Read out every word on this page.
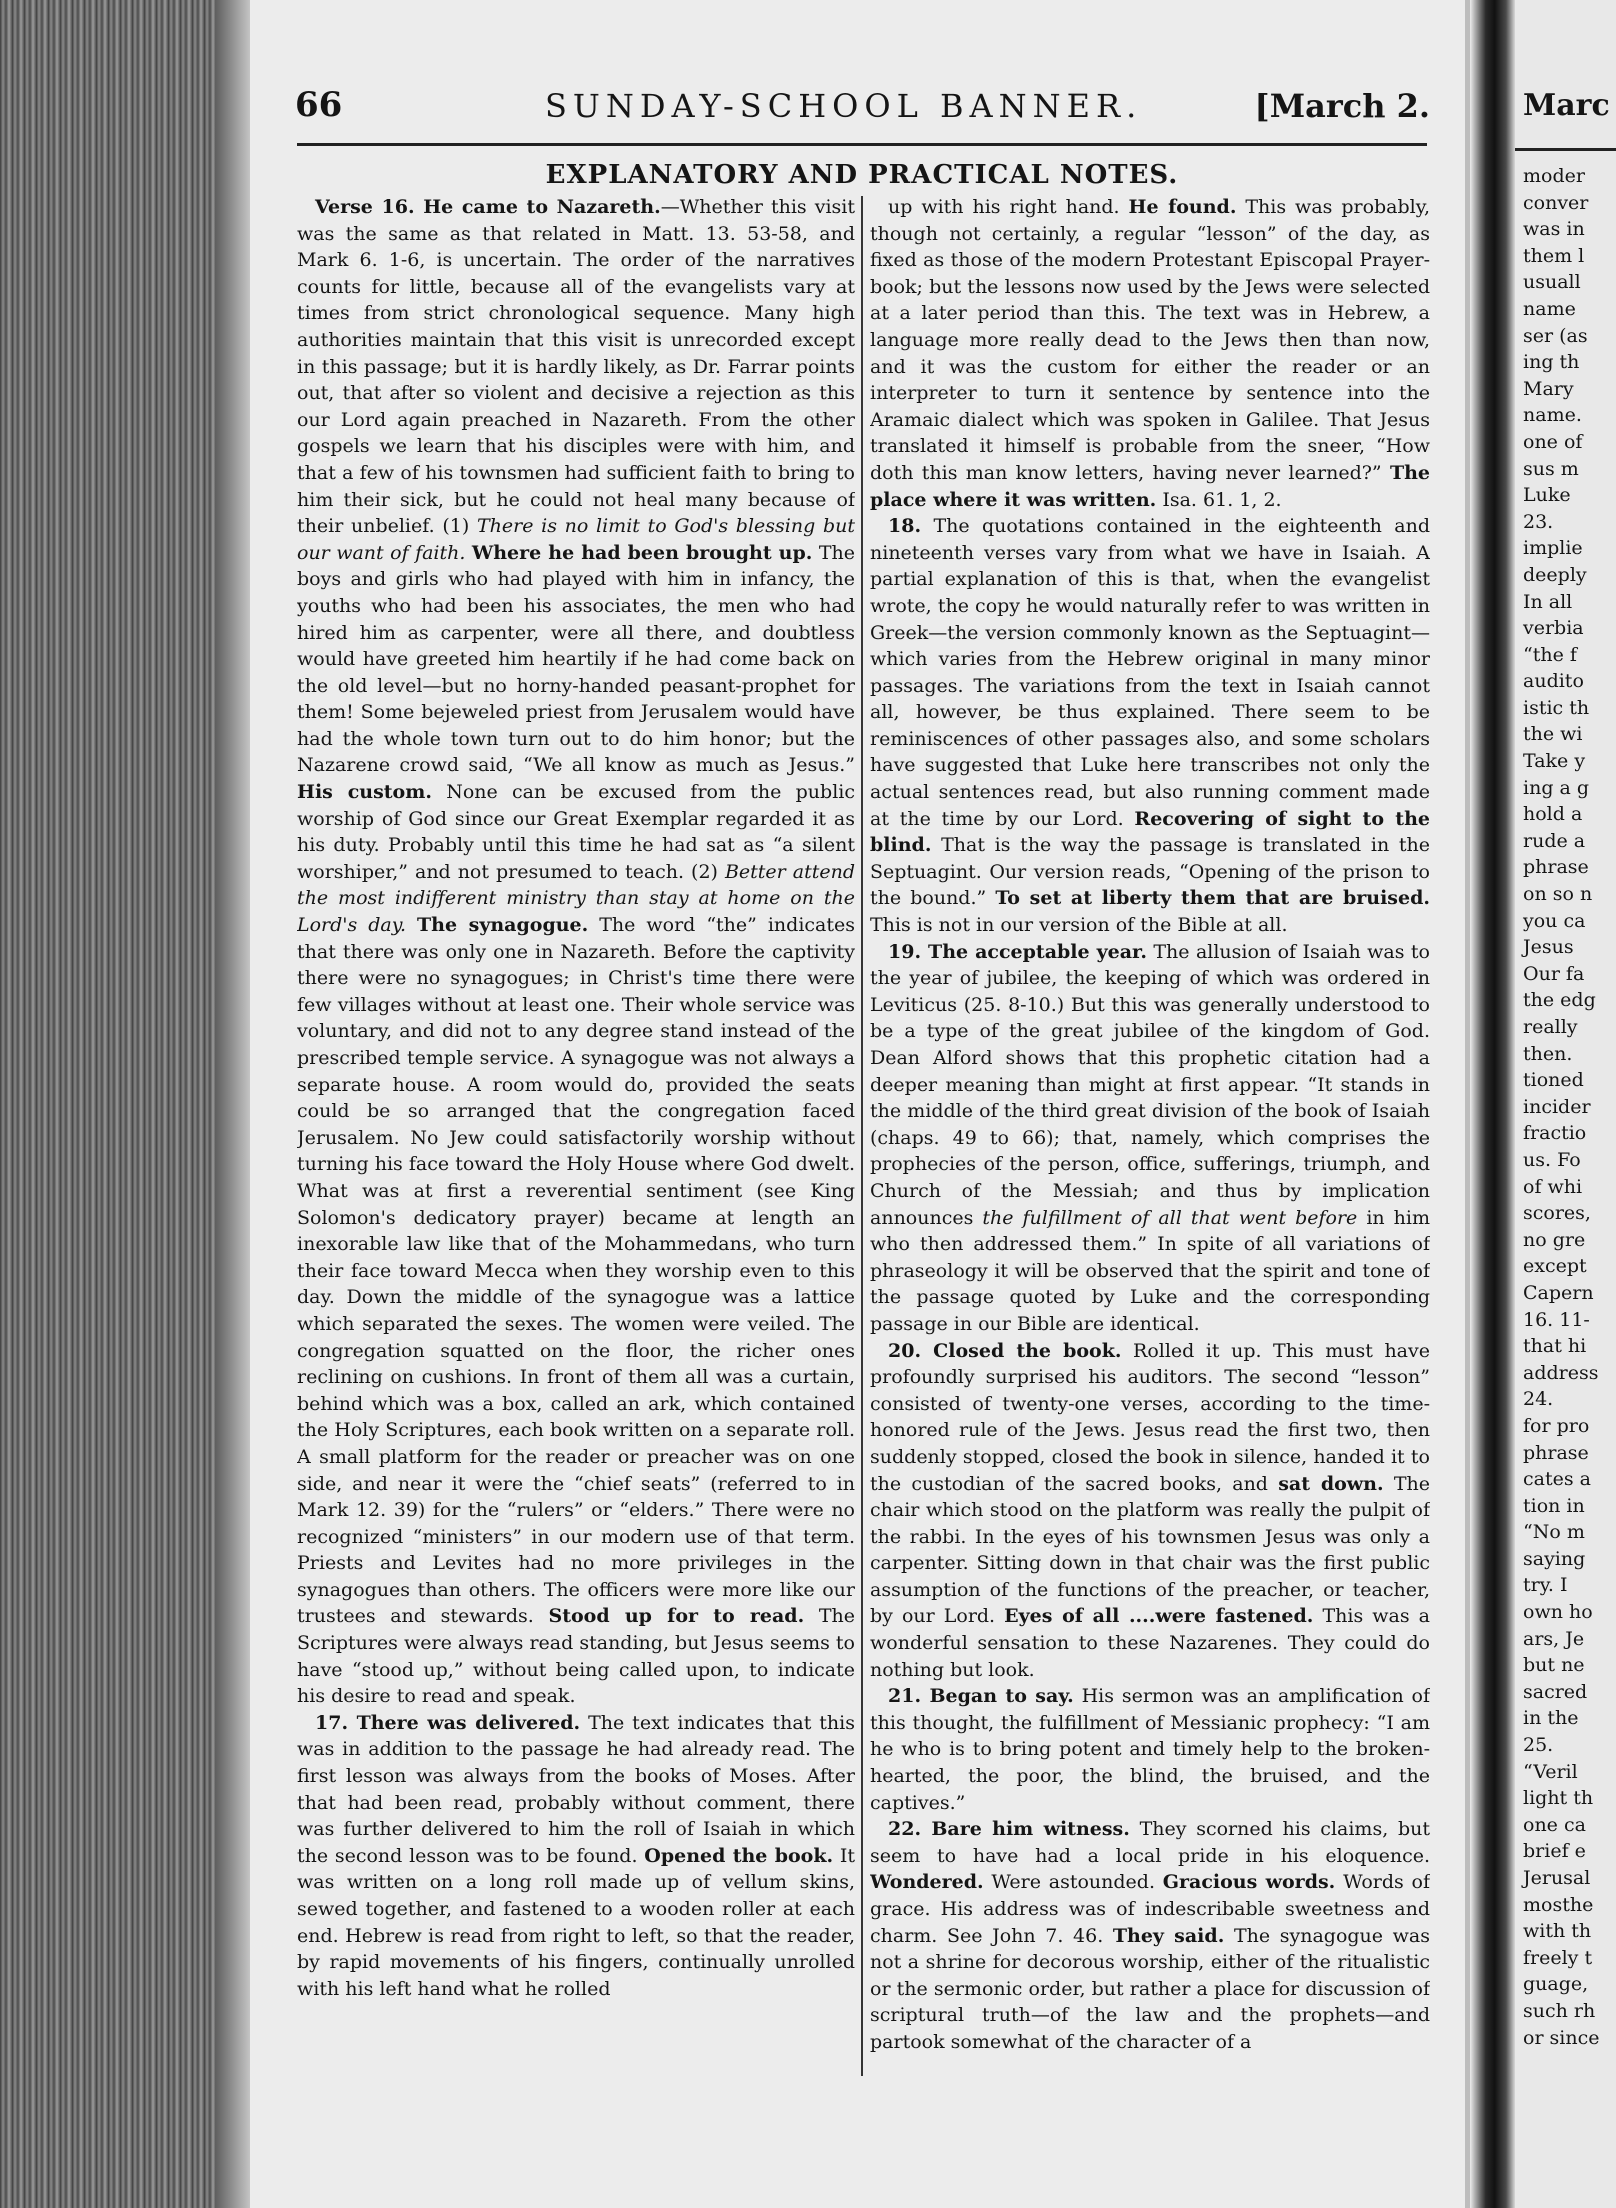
Marc
moder
conver
was in
them l
usuall
name
ser (as
ing th
Mary
name.
one of
sus m
Luke
23.
implie
deeply
In all
verbia
“the f
audito
istic th
the wi
Take y
ing a g
hold a
rude a
phrase
on so n
you ca
Jesus
Our fa
the edg
really
then.
tioned
incider
fractio
us. Fo
of whi
scores,
no gre
except
Capern
16. 11-
that hi
address
24.
for pro
phrase
cates a
tion in
“No m
saying
try. I
own ho
ars, Je
but ne
sacred
in the
25.
“Veril
light th
one ca
brief e
Jerusal
mosthe
with th
freely t
guage,
such rh
or since
66	SUNDAY-SCHOOL BANNER.	[March 2.
EXPLANATORY AND PRACTICAL NOTES.

Verse 16. He came to Nazareth.—Whether this visit was the same as that related in Matt. 13. 53-58, and Mark 6. 1-6, is uncertain. The order of the narratives counts for little, because all of the evangelists vary at times from strict chronological sequence. Many high authorities maintain that this visit is unrecorded except in this passage; but it is hardly likely, as Dr. Farrar points out, that after so violent and decisive a rejection as this our Lord again preached in Nazareth. From the other gospels we learn that his disciples were with him, and that a few of his townsmen had sufficient faith to bring to him their sick, but he could not heal many because of their unbelief. (1) There is no limit to God's blessing but our want of faith. Where he had been brought up. The boys and girls who had played with him in infancy, the youths who had been his associates, the men who had hired him as carpenter, were all there, and doubtless would have greeted him heartily if he had come back on the old level—but no horny-handed peasant-prophet for them! Some bejeweled priest from Jerusalem would have had the whole town turn out to do him honor; but the Nazarene crowd said, “We all know as much as Jesus.” His custom. None can be excused from the public worship of God since our Great Exemplar regarded it as his duty. Probably until this time he had sat as “a silent worshiper,” and not presumed to teach. (2) Better attend the most indifferent ministry than stay at home on the Lord's day. The synagogue. The word “the” indicates that there was only one in Nazareth. Before the captivity there were no synagogues; in Christ's time there were few villages without at least one. Their whole service was voluntary, and did not to any degree stand instead of the prescribed temple service. A synagogue was not always a separate house. A room would do, provided the seats could be so arranged that the congregation faced Jerusalem. No Jew could satisfactorily worship without turning his face toward the Holy House where God dwelt. What was at first a reverential sentiment (see King Solomon's dedicatory prayer) became at length an inexorable law like that of the Mohammedans, who turn their face toward Mecca when they worship even to this day. Down the middle of the synagogue was a lattice which separated the sexes. The women were veiled. The congregation squatted on the floor, the richer ones reclining on cushions. In front of them all was a curtain, behind which was a box, called an ark, which contained the Holy Scriptures, each book written on a separate roll. A small platform for the reader or preacher was on one side, and near it were the “chief seats” (referred to in Mark 12. 39) for the “rulers” or “elders.” There were no recognized “ministers” in our modern use of that term. Priests and Levites had no more privileges in the synagogues than others. The officers were more like our trustees and stewards. Stood up for to read. The Scriptures were always read standing, but Jesus seems to have “stood up,” without being called upon, to indicate his desire to read and speak.

17. There was delivered. The text indicates that this was in addition to the passage he had already read. The first lesson was always from the books of Moses. After that had been read, probably without comment, there was further delivered to him the roll of Isaiah in which the second lesson was to be found. Opened the book. It was written on a long roll made up of vellum skins, sewed together, and fastened to a wooden roller at each end. Hebrew is read from right to left, so that the reader, by rapid movements of his fingers, continually unrolled with his left hand what he rolled

up with his right hand. He found. This was probably, though not certainly, a regular “lesson” of the day, as fixed as those of the modern Protestant Episcopal Prayer-book; but the lessons now used by the Jews were selected at a later period than this. The text was in Hebrew, a language more really dead to the Jews then than now, and it was the custom for either the reader or an interpreter to turn it sentence by sentence into the Aramaic dialect which was spoken in Galilee. That Jesus translated it himself is probable from the sneer, “How doth this man know letters, having never learned?” The place where it was written. Isa. 61. 1, 2.

18. The quotations contained in the eighteenth and nineteenth verses vary from what we have in Isaiah. A partial explanation of this is that, when the evangelist wrote, the copy he would naturally refer to was written in Greek—the version commonly known as the Septuagint—which varies from the Hebrew original in many minor passages. The variations from the text in Isaiah cannot all, however, be thus explained. There seem to be reminiscences of other passages also, and some scholars have suggested that Luke here transcribes not only the actual sentences read, but also running comment made at the time by our Lord. Recovering of sight to the blind. That is the way the passage is translated in the Septuagint. Our version reads, “Opening of the prison to the bound.” To set at liberty them that are bruised. This is not in our version of the Bible at all.

19. The acceptable year. The allusion of Isaiah was to the year of jubilee, the keeping of which was ordered in Leviticus (25. 8-10.) But this was generally understood to be a type of the great jubilee of the kingdom of God. Dean Alford shows that this prophetic citation had a deeper meaning than might at first appear. “It stands in the middle of the third great division of the book of Isaiah (chaps. 49 to 66); that, namely, which comprises the prophecies of the person, office, sufferings, triumph, and Church of the Messiah; and thus by implication announces the fulfillment of all that went before in him who then addressed them.” In spite of all variations of phraseology it will be observed that the spirit and tone of the passage quoted by Luke and the corresponding passage in our Bible are identical.

20. Closed the book. Rolled it up. This must have profoundly surprised his auditors. The second “lesson” consisted of twenty-one verses, according to the time-honored rule of the Jews. Jesus read the first two, then suddenly stopped, closed the book in silence, handed it to the custodian of the sacred books, and sat down. The chair which stood on the platform was really the pulpit of the rabbi. In the eyes of his townsmen Jesus was only a carpenter. Sitting down in that chair was the first public assumption of the functions of the preacher, or teacher, by our Lord. Eyes of all ....were fastened. This was a wonderful sensation to these Nazarenes. They could do nothing but look.

21. Began to say. His sermon was an amplification of this thought, the fulfillment of Messianic prophecy: “I am he who is to bring potent and timely help to the broken-hearted, the poor, the blind, the bruised, and the captives.”

22. Bare him witness. They scorned his claims, but seem to have had a local pride in his eloquence. Wondered. Were astounded. Gracious words. Words of grace. His address was of indescribable sweetness and charm. See John 7. 46. They said. The synagogue was not a shrine for decorous worship, either of the ritualistic or the sermonic order, but rather a place for discussion of scriptural truth—of the law and the prophets—and partook somewhat of the character of a
